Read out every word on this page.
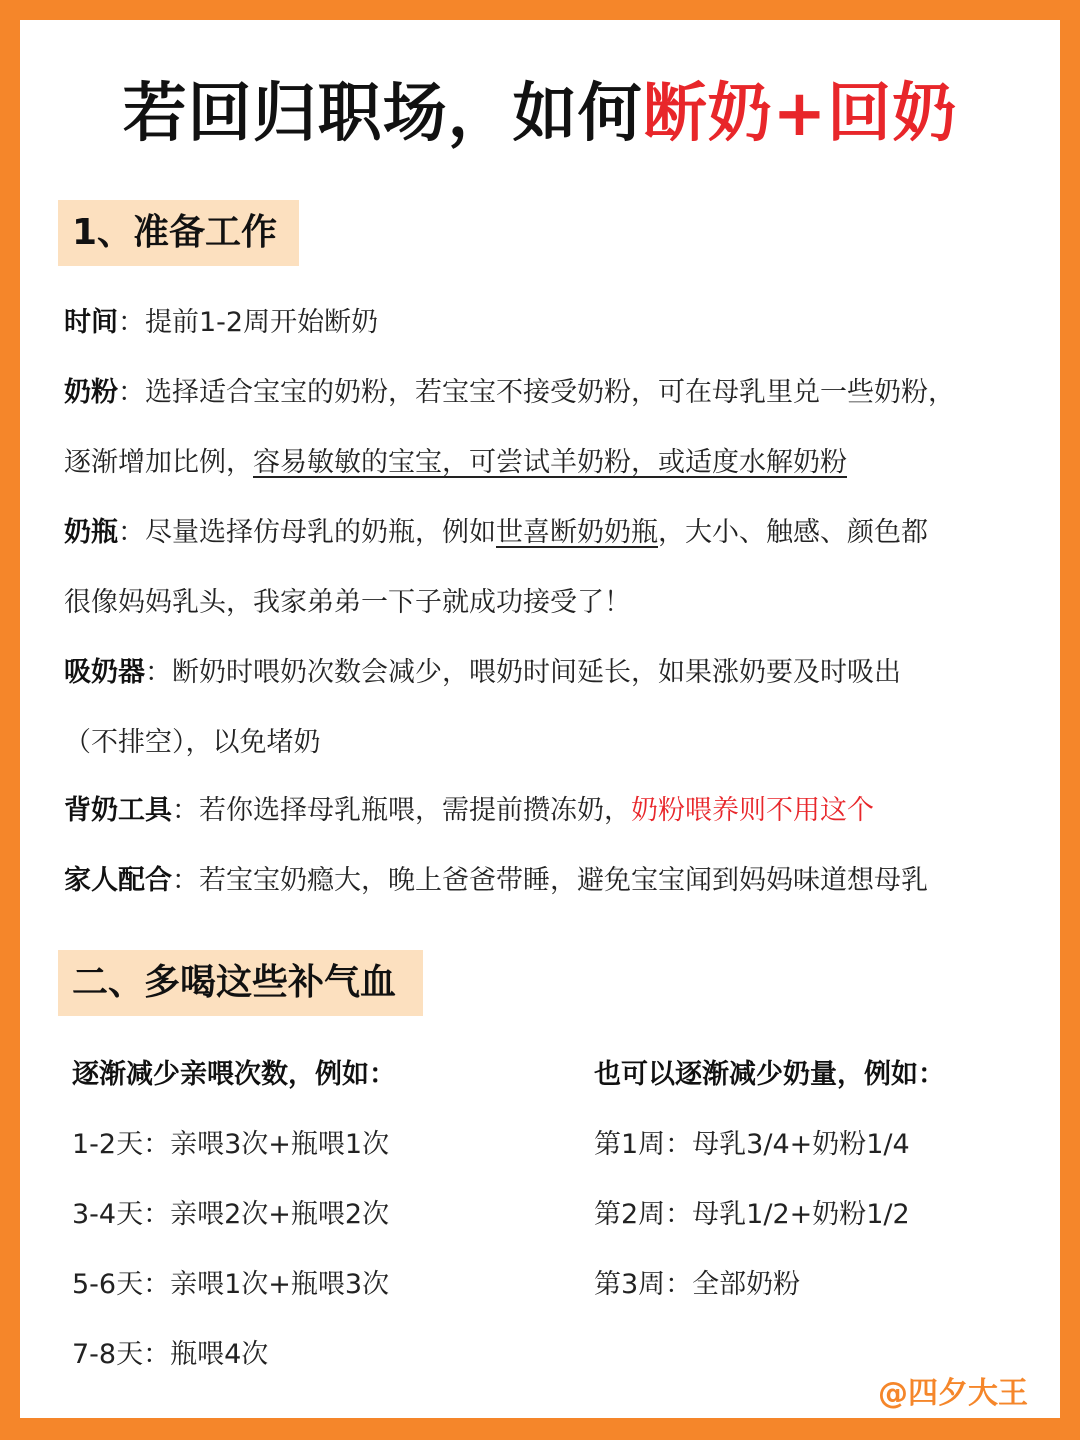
若回归职场，如何断奶+回奶
1、准备工作
时间：提前1-2周开始断奶
奶粉：选择适合宝宝的奶粉，若宝宝不接受奶粉，可在母乳里兑一些奶粉，
逐渐增加比例，容易敏敏的宝宝，可尝试羊奶粉，或适度水解奶粉
奶瓶：尽量选择仿母乳的奶瓶，例如世喜断奶奶瓶，大小、触感、颜色都
很像妈妈乳头，我家弟弟一下子就成功接受了！
吸奶器：断奶时喂奶次数会减少，喂奶时间延长，如果涨奶要及时吸出
（不排空），以免堵奶
背奶工具：若你选择母乳瓶喂，需提前攒冻奶，奶粉喂养则不用这个
家人配合：若宝宝奶瘾大，晚上爸爸带睡，避免宝宝闻到妈妈味道想母乳
二、多喝这些补气血
逐渐减少亲喂次数，例如：
1-2天：亲喂3次+瓶喂1次
3-4天：亲喂2次+瓶喂2次
5-6天：亲喂1次+瓶喂3次
7-8天：瓶喂4次
也可以逐渐减少奶量，例如：
第1周：母乳3/4+奶粉1/4
第2周：母乳1/2+奶粉1/2
第3周：全部奶粉
@四夕大王
